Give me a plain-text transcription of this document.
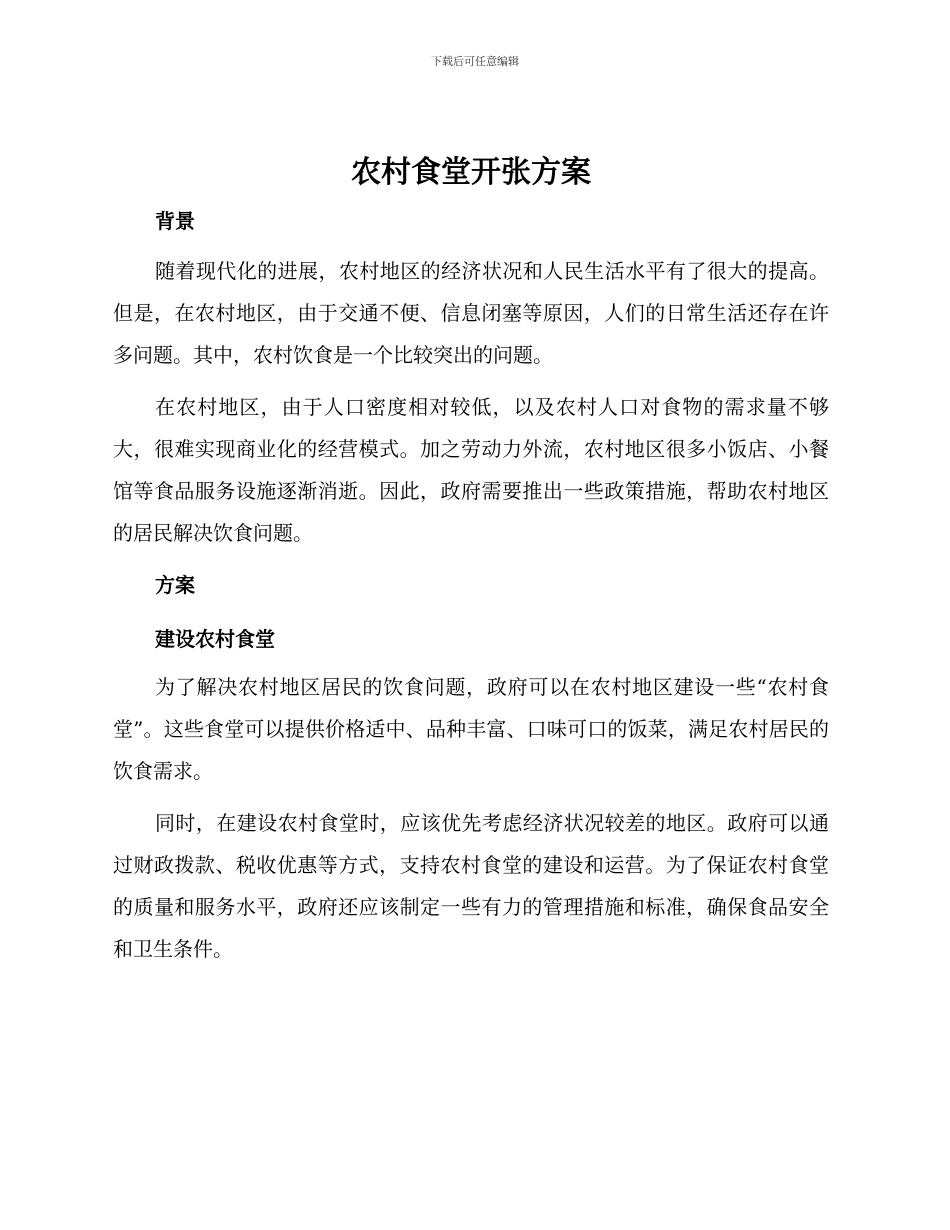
下载后可任意编辑
农村食堂开张方案
背景

随着现代化的进展，农村地区的经济状况和人民生活水平有了很大的提高。但是，在农村地区，由于交通不便、信息闭塞等原因，人们的日常生活还存在许多问题。其中，农村饮食是一个比较突出的问题。

在农村地区，由于人口密度相对较低，以及农村人口对食物的需求量不够大，很难实现商业化的经营模式。加之劳动力外流，农村地区很多小饭店、小餐馆等食品服务设施逐渐消逝。因此，政府需要推出一些政策措施，帮助农村地区的居民解决饮食问题。

方案
建设农村食堂

为了解决农村地区居民的饮食问题，政府可以在农村地区建设一些“农村食堂”。这些食堂可以提供价格适中、品种丰富、口味可口的饭菜，满足农村居民的饮食需求。

同时，在建设农村食堂时，应该优先考虑经济状况较差的地区。政府可以通过财政拨款、税收优惠等方式，支持农村食堂的建设和运营。为了保证农村食堂的质量和服务水平，政府还应该制定一些有力的管理措施和标准，确保食品安全和卫生条件。
